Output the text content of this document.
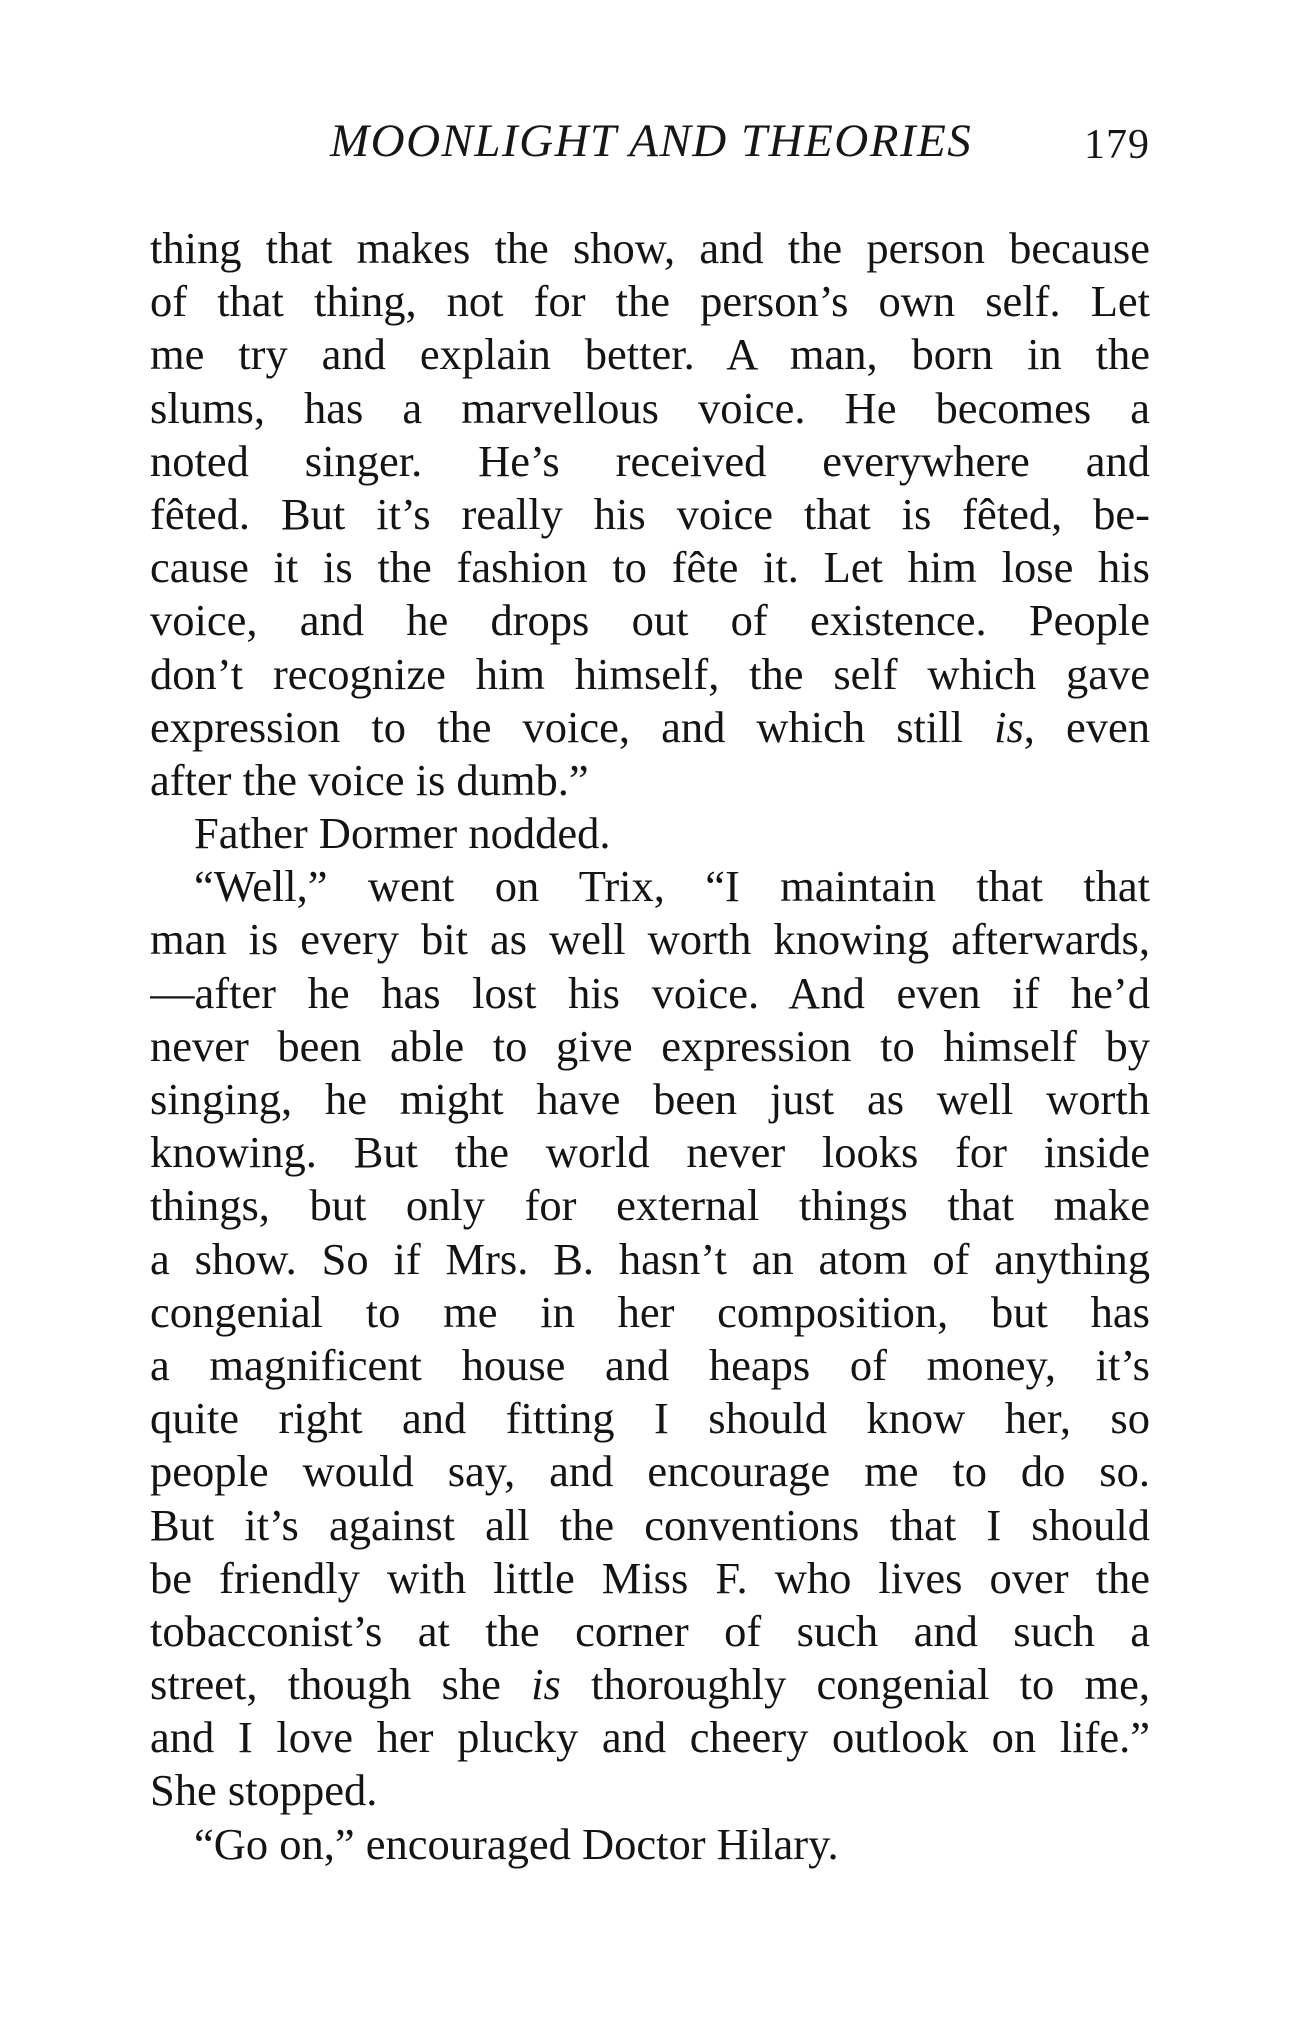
MOONLIGHT AND THEORIES	179
thing that makes the show, and the person because
of that thing, not for the person’s own self. Let
me try and explain better. A man, born in the
slums, has a marvellous voice. He becomes a
noted singer. He’s received everywhere and
fêted. But it’s really his voice that is fêted, be-
cause it is the fashion to fête it. Let him lose his
voice, and he drops out of existence. People
don’t recognize him himself, the self which gave
expression to the voice, and which still is, even
after the voice is dumb.”
Father Dormer nodded.
“Well,” went on Trix, “I maintain that that
man is every bit as well worth knowing afterwards,
—after he has lost his voice. And even if he’d
never been able to give expression to himself by
singing, he might have been just as well worth
knowing. But the world never looks for inside
things, but only for external things that make
a show. So if Mrs. B. hasn’t an atom of anything
congenial to me in her composition, but has
a magnificent house and heaps of money, it’s
quite right and fitting I should know her, so
people would say, and encourage me to do so.
But it’s against all the conventions that I should
be friendly with little Miss F. who lives over the
tobacconist’s at the corner of such and such a
street, though she is thoroughly congenial to me,
and I love her plucky and cheery outlook on life.”
She stopped.
“Go on,” encouraged Doctor Hilary.
